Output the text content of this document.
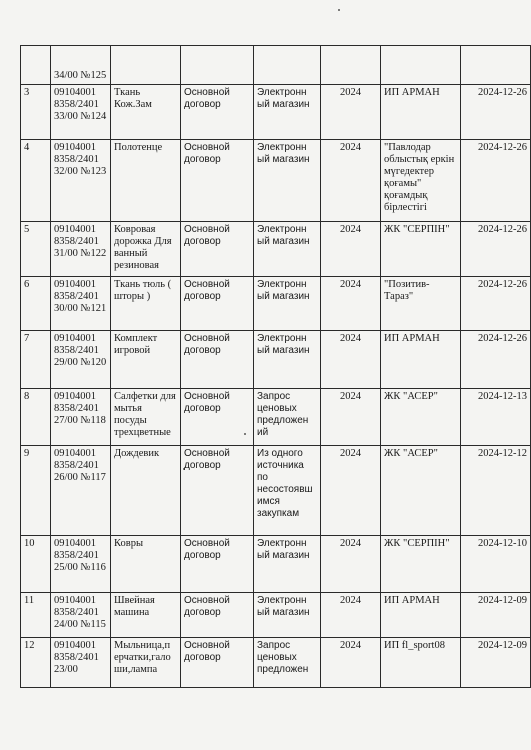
	34/00 №125						
3	09104001 8358/2401 33/00 №124	Ткань Кож.Зам	Основной договор	Электронн ый магазин	2024	ИП АРМАН	2024-12-26
4	09104001 8358/2401 32/00 №123	Полотенце	Основной договор	Электронн ый магазин	2024	"Павлодар облыстық еркін мүгедектер қоғамы" қоғамдық бірлестігі	2024-12-26
5	09104001 8358/2401 31/00 №122	Ковровая дорожка Для ванный резиновая	Основной договор	Электронн ый магазин	2024	ЖК "СЕРПІН"	2024-12-26
6	09104001 8358/2401 30/00 №121	Ткань тюль ( шторы )	Основной договор	Электронн ый магазин	2024	"Позитив-Тараз"	2024-12-26
7	09104001 8358/2401 29/00 №120	Комплект игровой	Основной договор	Электронн ый магазин	2024	ИП АРМАН	2024-12-26
8	09104001 8358/2401 27/00 №118	Салфетки для мытья посуды трехцветные	Основной договор	Запрос ценовых предложен ий	2024	ЖК "АСЕР"	2024-12-13
9	09104001 8358/2401 26/00 №117	Дождевик	Основной договор	Из одного источника по несостоявш имся закупкам	2024	ЖК "АСЕР"	2024-12-12
10	09104001 8358/2401 25/00 №116	Ковры	Основной договор	Электронн ый магазин	2024	ЖК "СЕРПІН"	2024-12-10
11	09104001 8358/2401 24/00 №115	Швейная машина	Основной договор	Электронн ый магазин	2024	ИП АРМАН	2024-12-09
12	09104001 8358/2401 23/00	Мыльница,п ерчатки,гало ши,лампа	Основной договор	Запрос ценовых предложен	2024	ИП fl_sport08	2024-12-09
